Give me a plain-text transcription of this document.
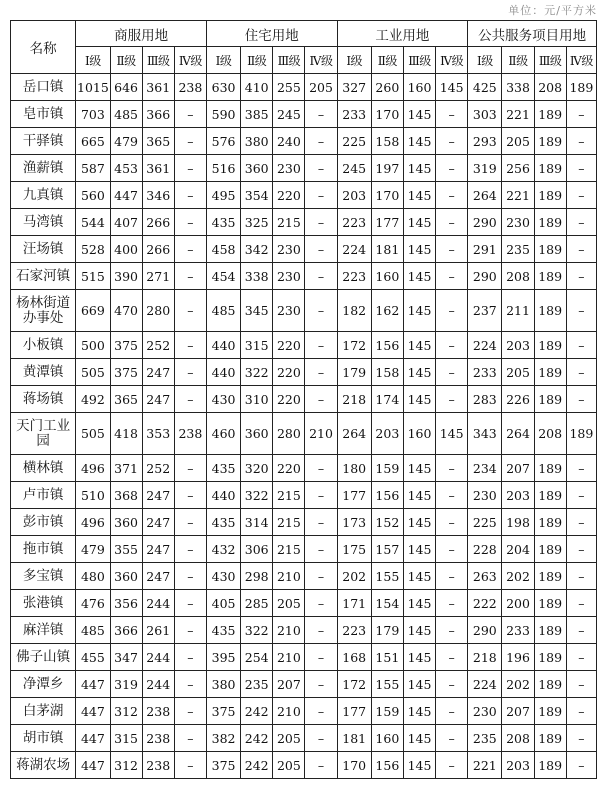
单位：元/平方米
名称	商服用地				住宅用地				工业用地				公共服务项目用地			
	Ⅰ级	Ⅱ级	Ⅲ级	Ⅳ级	Ⅰ级	Ⅱ级	Ⅲ级	Ⅳ级	Ⅰ级	Ⅱ级	Ⅲ级	Ⅳ级	Ⅰ级	Ⅱ级	Ⅲ级	Ⅳ级
岳口镇	1015	646	361	238	630	410	255	205	327	260	160	145	425	338	208	189
皂市镇	703	485	366	–	590	385	245	–	233	170	145	–	303	221	189	–
干驿镇	665	479	365	–	576	380	240	–	225	158	145	–	293	205	189	–
渔薪镇	587	453	361	–	516	360	230	–	245	197	145	–	319	256	189	–
九真镇	560	447	346	–	495	354	220	–	203	170	145	–	264	221	189	–
马湾镇	544	407	266	–	435	325	215	–	223	177	145	–	290	230	189	–
汪场镇	528	400	266	–	458	342	230	–	224	181	145	–	291	235	189	–
石家河镇	515	390	271	–	454	338	230	–	223	160	145	–	290	208	189	–
杨林街道办事处	669	470	280	–	485	345	230	–	182	162	145	–	237	211	189	–
小板镇	500	375	252	–	440	315	220	–	172	156	145	–	224	203	189	–
黄潭镇	505	375	247	–	440	322	220	–	179	158	145	–	233	205	189	–
蒋场镇	492	365	247	–	430	310	220	–	218	174	145	–	283	226	189	–
天门工业园	505	418	353	238	460	360	280	210	264	203	160	145	343	264	208	189
横林镇	496	371	252	–	435	320	220	–	180	159	145	–	234	207	189	–
卢市镇	510	368	247	–	440	322	215	–	177	156	145	–	230	203	189	–
彭市镇	496	360	247	–	435	314	215	–	173	152	145	–	225	198	189	–
拖市镇	479	355	247	–	432	306	215	–	175	157	145	–	228	204	189	–
多宝镇	480	360	247	–	430	298	210	–	202	155	145	–	263	202	189	–
张港镇	476	356	244	–	405	285	205	–	171	154	145	–	222	200	189	–
麻洋镇	485	366	261	–	435	322	210	–	223	179	145	–	290	233	189	–
佛子山镇	455	347	244	–	395	254	210	–	168	151	145	–	218	196	189	–
净潭乡	447	319	244	–	380	235	207	–	172	155	145	–	224	202	189	–
白茅湖	447	312	238	–	375	242	210	–	177	159	145	–	230	207	189	–
胡市镇	447	315	238	–	382	242	205	–	181	160	145	–	235	208	189	–
蒋湖农场	447	312	238	–	375	242	205	–	170	156	145	–	221	203	189	–
